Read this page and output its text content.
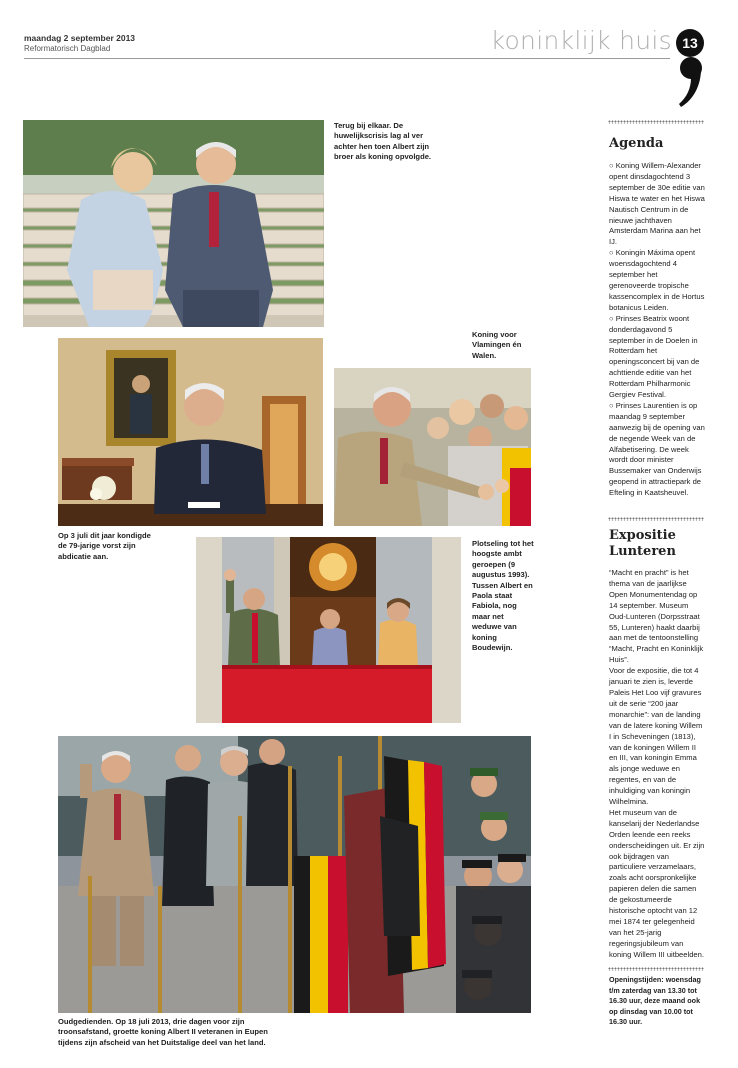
maandag 2 september 2013
Reformatorisch Dagblad	koninklijk huis 13
Terug bij elkaar. De huwelijkscrisis lag al ver achter hen toen Albert zijn broer als koning opvolgde.
Op 3 juli dit jaar kondigde de 79-jarige vorst zijn abdicatie aan.
Koning voor Vlamingen én Walen.
Plotseling tot het hoogste ambt geroepen (9 augustus 1993). Tussen Albert en Paola staat Fabiola, nog maar net weduwe van koning Boudewijn.
Oudgedienden. Op 18 juli 2013, drie dagen voor zijn troonsafstand, groette koning Albert II veteranen in Eupen tijdens zijn afscheid van het Duitstalige deel van het land.
Agenda

○ Koning Willem-Alexander opent dinsdagochtend 3 september de 30e editie van Hiswa te water en het Hiswa Nautisch Centrum in de nieuwe jachthaven Amsterdam Marina aan het IJ.

○ Koningin Máxima opent woensdagochtend 4 september het gerenoveerde tropische kassencomplex in de Hortus botanicus Leiden.

○ Prinses Beatrix woont donderdagavond 5 september in de Doelen in Rotterdam het openingsconcert bij van de achttiende editie van het Rotterdam Philharmonic Gergiev Festival.

○ Prinses Laurentien is op maandag 9 september aanwezig bij de opening van de negende Week van de Alfabetisering. De week wordt door minister Bussemaker van Onderwijs geopend in attractiepark de Efteling in Kaatsheuvel.

Expositie
Lunteren

“Macht en pracht” is het thema van de jaarlijkse Open Monumentendag op 14 september. Museum Oud-Lunteren (Dorpsstraat 55, Lunteren) haakt daarbij aan met de tentoonstelling “Macht, Pracht en Koninklijk Huis”.

Voor de expositie, die tot 4 januari te zien is, leverde Paleis Het Loo vijf gravures uit de serie “200 jaar monarchie”: van de landing van de latere koning Willem I in Scheveningen (1813), van de koningen Willem II en III, van koningin Emma als jonge weduwe en regentes, en van de inhuldiging van koningin Wilhelmina.

Het museum van de kanselarij der Nederlandse Orden leende een reeks onderscheidingen uit. Er zijn ook bijdragen van particuliere verzamelaars, zoals acht oorspronkelijke papieren delen die samen de gekostumeerde historische optocht van 12 mei 1874 ter gelegenheid van het 25-jarig regeringsjubileum van koning Willem III uitbeelden.

Openingstijden: woensdag t/m zaterdag van 13.30 tot 16.30 uur, deze maand ook op dinsdag van 10.00 tot 16.30 uur.
